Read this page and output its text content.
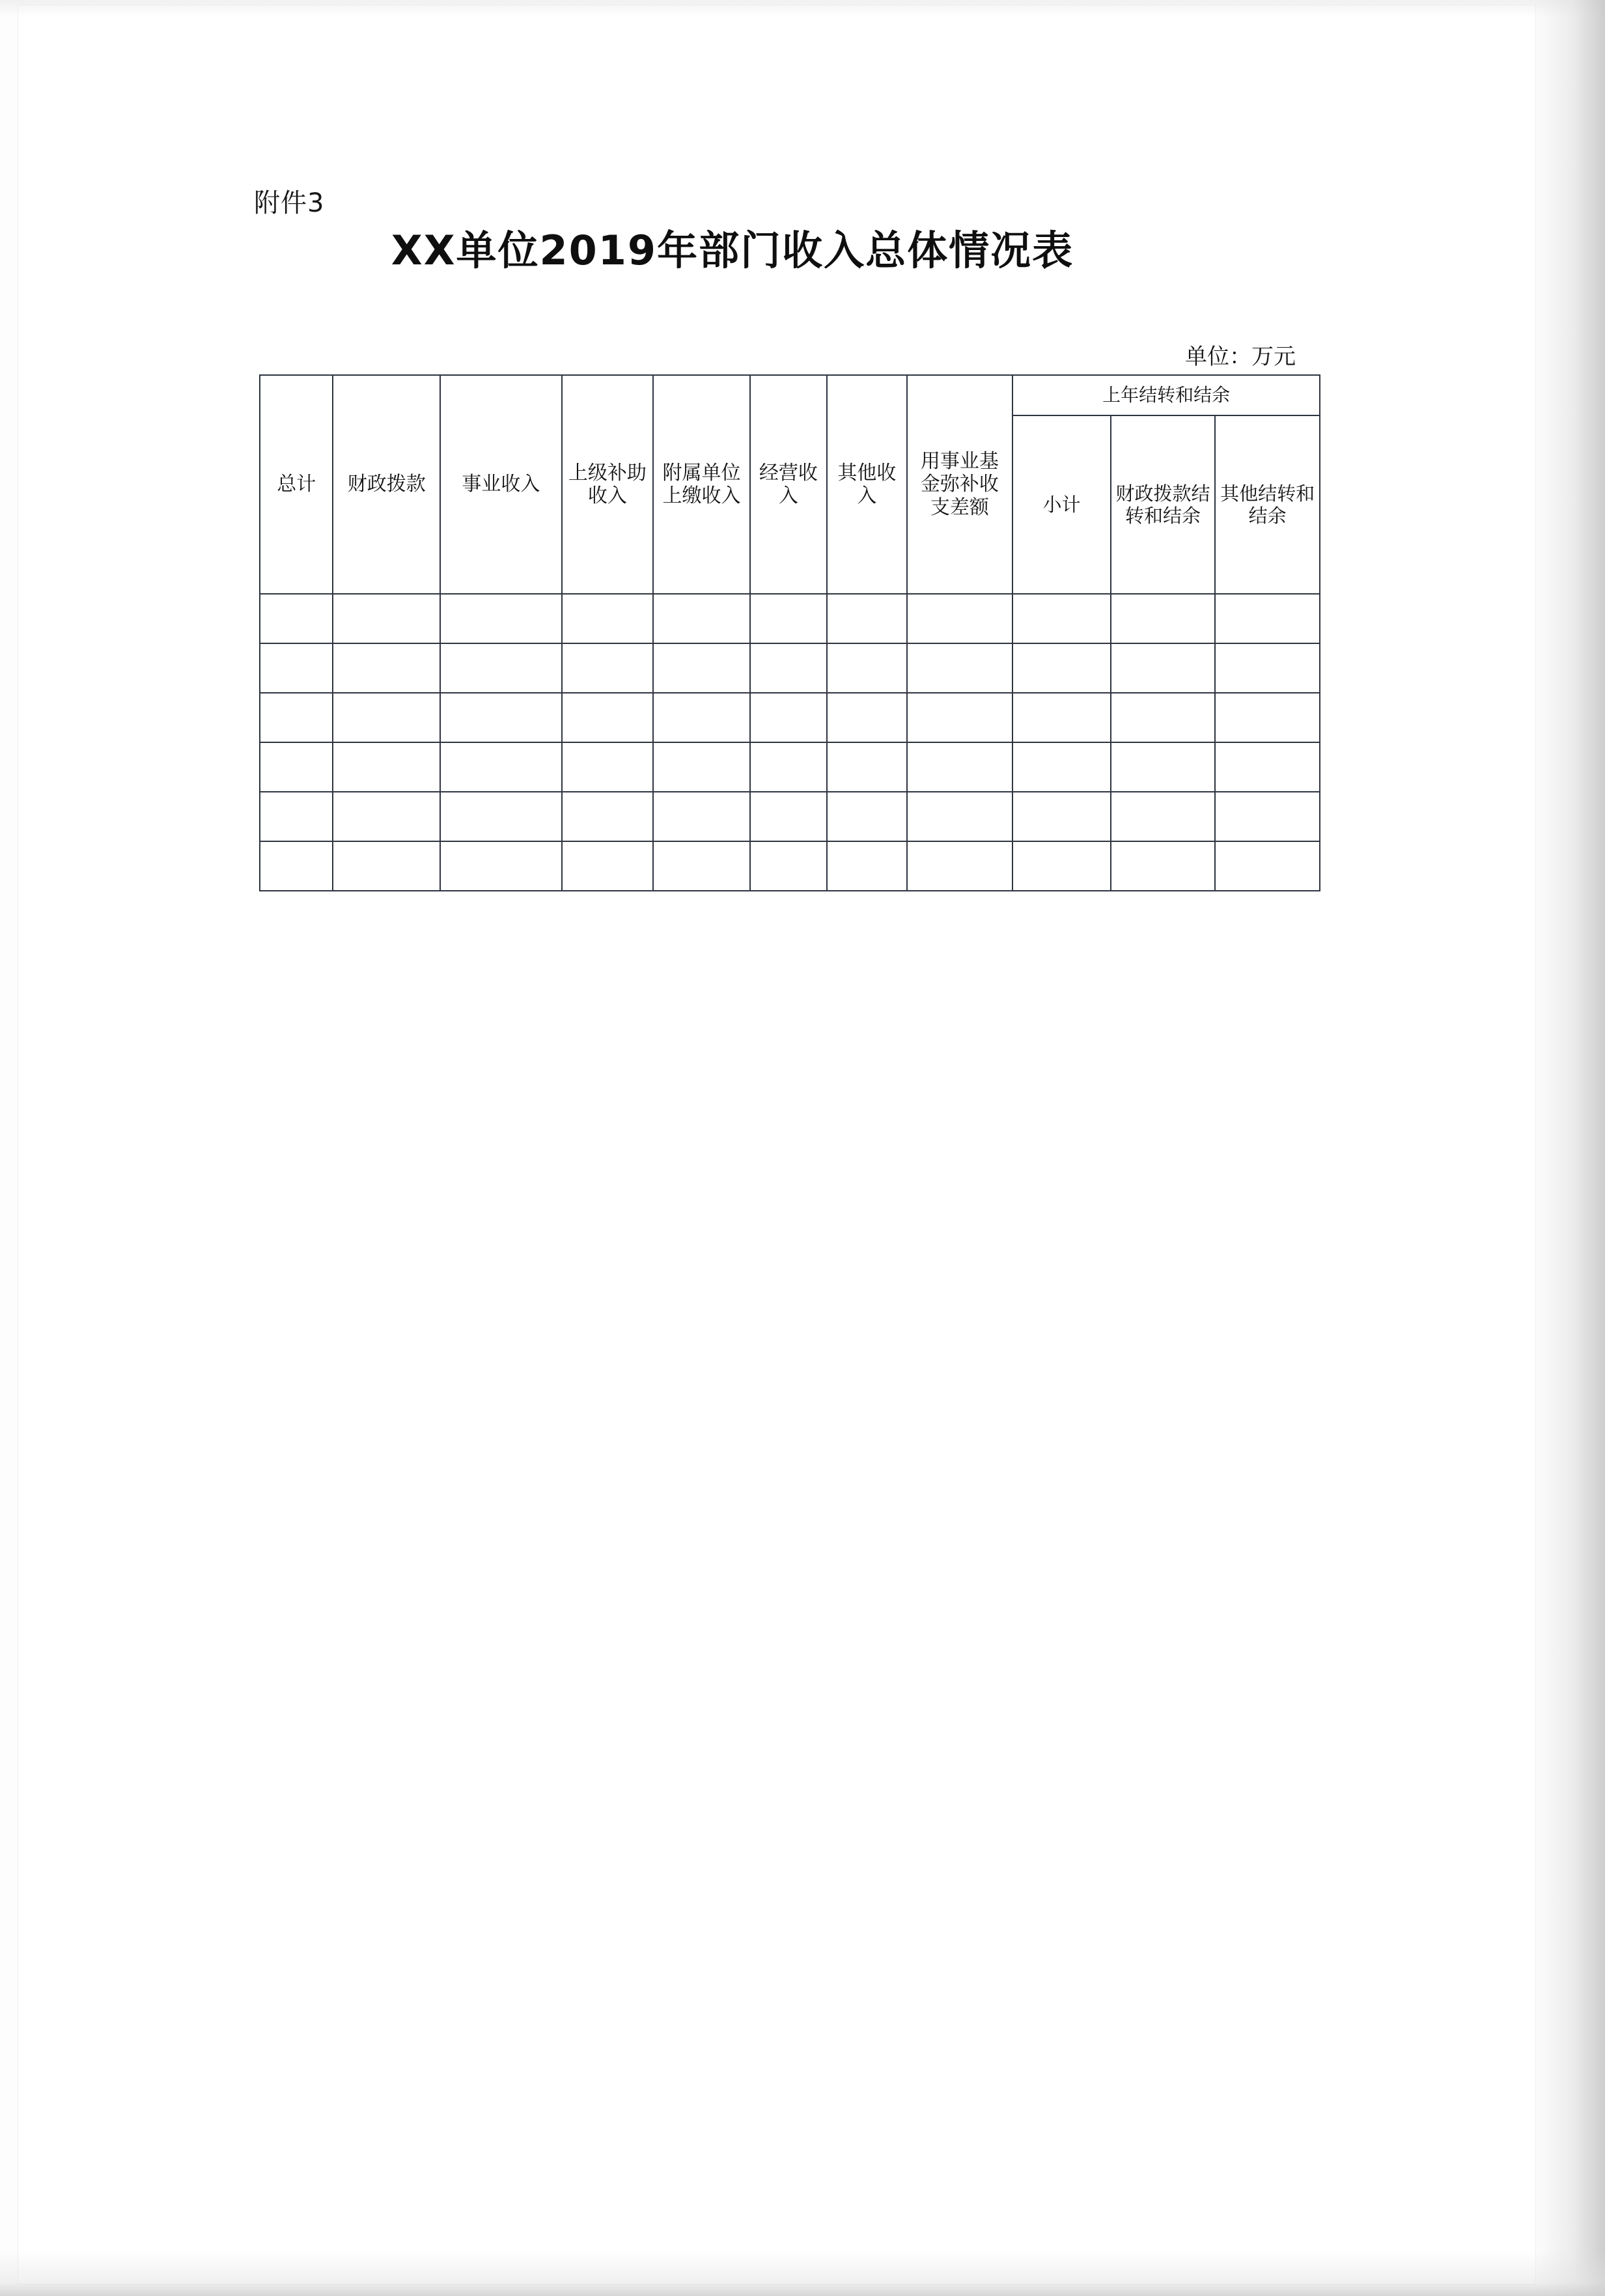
附件3
XX单位2019年部门收入总体情况表
单位：万元
总计	财政拨款	事业收入	上级补助收入	附属单位上缴收入	经营收入	其他收入	用事业基金弥补收支差额	上年结转和结余		
								小计	财政拨款结转和结余	其他结转和结余
